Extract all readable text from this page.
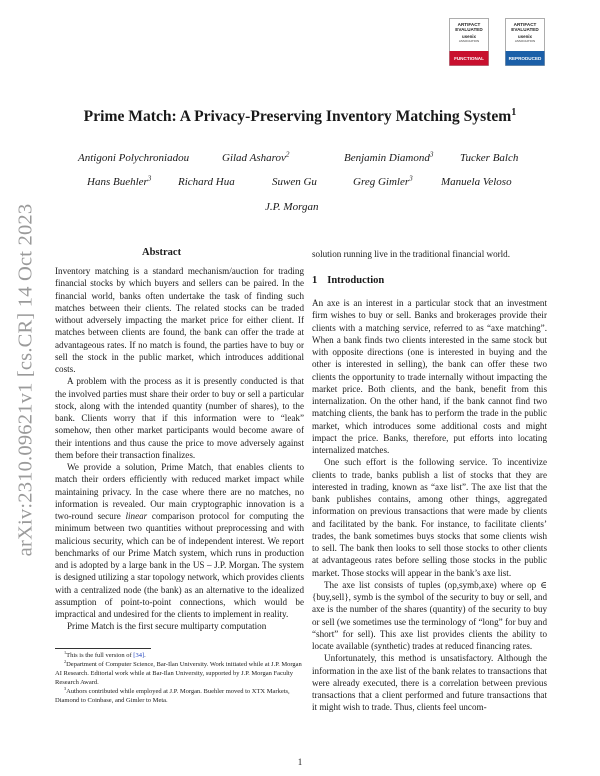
arXiv:2310.09621v1 [cs.CR] 14 Oct 2023
ARTIFACT
EVALUATED
usenix
ASSOCIATION
FUNCTIONAL
ARTIFACT
EVALUATED
usenix
ASSOCIATION
REPRODUCED
Prime Match: A Privacy-Preserving Inventory Matching System$^1$
Antigoni Polychroniadou	Gilad Asharov$^2$	Benjamin Diamond$^3$ Tucker Balch
Hans Buehler$^3$ Richard Hua	Suwen Gu	Greg Gimler$^3$	Manuela Veloso
J.P. Morgan
Abstract

Inventory matching is a standard mechanism/auction for trading financial stocks by which buyers and sellers can be paired. In the financial world, banks often undertake the task of finding such matches between their clients. The related stocks can be traded without adversely impacting the market price for either client. If matches between clients are found, the bank can offer the trade at advantageous rates. If no match is found, the parties have to buy or sell the stock in the public market, which introduces additional costs.

A problem with the process as it is presently conducted is that the involved parties must share their order to buy or sell a particular stock, along with the intended quantity (number of shares), to the bank. Clients worry that if this information were to “leak” somehow, then other market participants would become aware of their intentions and thus cause the price to move adversely against them before their transaction finalizes.

We provide a solution, Prime Match, that enables clients to match their orders efficiently with reduced market impact while maintaining privacy. In the case where there are no matches, no information is revealed. Our main cryptographic innovation is a two-round secure linear comparison protocol for computing the minimum between two quantities without preprocessing and with malicious security, which can be of independent interest. We report benchmarks of our Prime Match system, which runs in production and is adopted by a large bank in the US – J.P. Morgan. The system is designed utilizing a star topology network, which provides clients with a centralized node (the bank) as an alternative to the idealized assumption of point-to-point connections, which would be impractical and undesired for the clients to implement in reality.

Prime Match is the first secure multiparty computation

$^1$This is the full version of [34].

$^2$Department of Computer Science, Bar-Ilan University. Work initiated while at J.P. Morgan AI Research. Editorial work while at Bar-Ilan University, supported by J.P. Morgan Faculty Research Award.

$^3$Authors contributed while employed at J.P. Morgan. Buehler moved to XTX Markets, Diamond to Coinbase, and Gimler to Meta.

solution running live in the traditional financial world.

1 Introduction

An axe is an interest in a particular stock that an investment firm wishes to buy or sell. Banks and brokerages provide their clients with a matching service, referred to as “axe matching”. When a bank finds two clients interested in the same stock but with opposite directions (one is interested in buying and the other is interested in selling), the bank can offer these two clients the opportunity to trade internally without impacting the market price. Both clients, and the bank, benefit from this internalization. On the other hand, if the bank cannot find two matching clients, the bank has to perform the trade in the public market, which introduces some additional costs and might impact the price. Banks, therefore, put efforts into locating internalized matches.

One such effort is the following service. To incentivize clients to trade, banks publish a list of stocks that they are interested in trading, known as “axe list”. The axe list that the bank publishes contains, among other things, aggregated information on previous transactions that were made by clients and facilitated by the bank. For instance, to facilitate clients’ trades, the bank sometimes buys stocks that some clients wish to sell. The bank then looks to sell those stocks to other clients at advantageous rates before selling those stocks in the public market. Those stocks will appear in the bank’s axe list.

The axe list consists of tuples (op,symb,axe) where op ∈ {buy,sell}, symb is the symbol of the security to buy or sell, and axe is the number of the shares (quantity) of the security to buy or sell (we sometimes use the terminology of “long” for buy and “short” for sell). This axe list provides clients the ability to locate available (synthetic) trades at reduced financing rates.

Unfortunately, this method is unsatisfactory. Although the information in the axe list of the bank relates to transactions that were already executed, there is a correlation between previous transactions that a client performed and future transactions that it might wish to trade. Thus, clients feel uncom-

1
